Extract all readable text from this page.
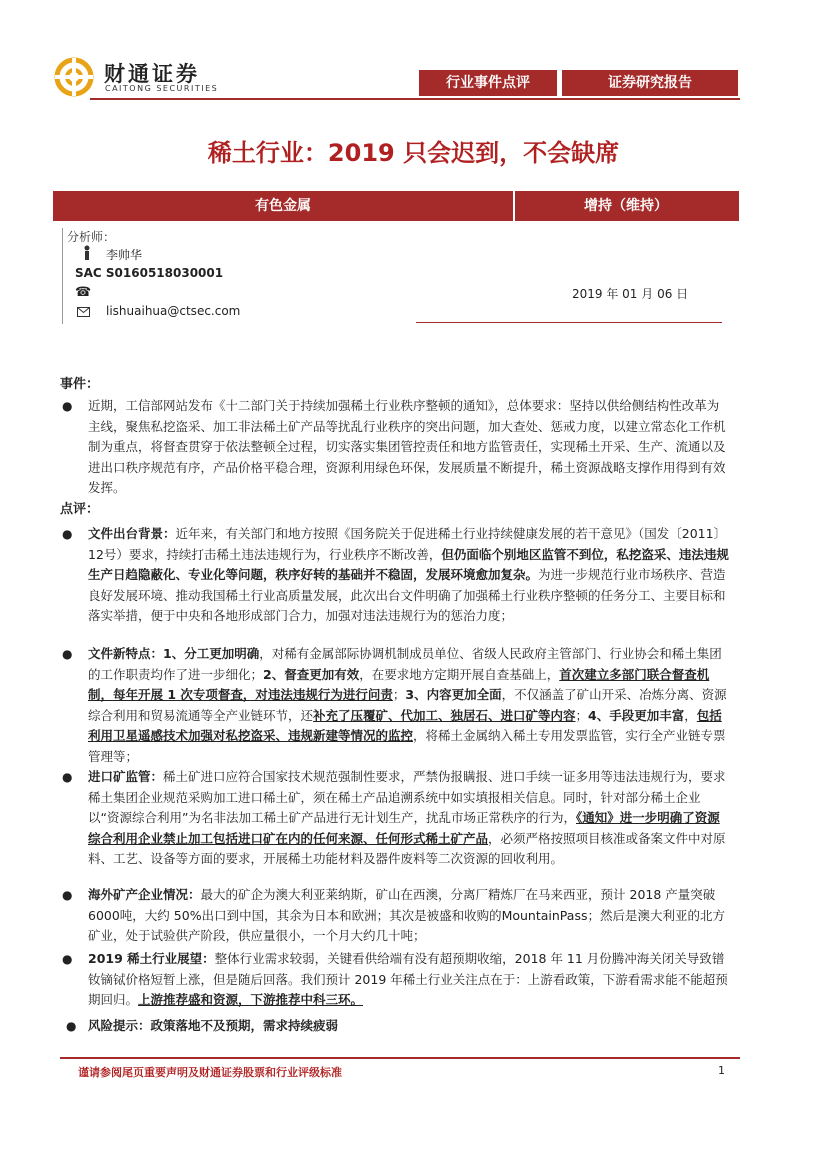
财通证券
CAITONG SECURITIES	行业事件点评	证券研究报告
稀土行业：2019 只会迟到，不会缺席
有色金属	增持（维持）
分析师：
李帅华
SAC S0160518030001
☎
lishuaihua@ctsec.com
2019 年 01 月 06 日
事件：
● 近期，工信部网站发布《十二部门关于持续加强稀土行业秩序整顿的通知》，总体要求：坚持以供给侧结构性改革为主线，聚焦私挖盗采、加工非法稀土矿产品等扰乱行业秩序的突出问题，加大查处、惩戒力度，以建立常态化工作机制为重点，将督查贯穿于依法整顿全过程，切实落实集团管控责任和地方监管责任，实现稀土开采、生产、流通以及进出口秩序规范有序，产品价格平稳合理，资源利用绿色环保，发展质量不断提升，稀土资源战略支撑作用得到有效发挥。
点评：
● 文件出台背景：近年来，有关部门和地方按照《国务院关于促进稀土行业持续健康发展的若干意见》（国发〔2011〕12号）要求，持续打击稀土违法违规行为，行业秩序不断改善，但仍面临个别地区监管不到位，私挖盗采、违法违规生产日趋隐蔽化、专业化等问题，秩序好转的基础并不稳固，发展环境愈加复杂。为进一步规范行业市场秩序、营造良好发展环境、推动我国稀土行业高质量发展，此次出台文件明确了加强稀土行业秩序整顿的任务分工、主要目标和落实举措，便于中央和各地形成部门合力，加强对违法违规行为的惩治力度；

● 文件新特点：1、分工更加明确，对稀有金属部际协调机制成员单位、省级人民政府主管部门、行业协会和稀土集团的工作职责均作了进一步细化；2、督查更加有效，在要求地方定期开展自查基础上，首次建立多部门联合督查机制，每年开展 1 次专项督查，对违法违规行为进行问责；3、内容更加全面，不仅涵盖了矿山开采、冶炼分离、资源综合利用和贸易流通等全产业链环节，还补充了压覆矿、代加工、独居石、进口矿等内容；4、手段更加丰富，包括利用卫星遥感技术加强对私挖盗采、违规新建等情况的监控，将稀土金属纳入稀土专用发票监管，实行全产业链专票管理等；

● 进口矿监管：稀土矿进口应符合国家技术规范强制性要求，严禁伪报瞒报、进口手续一证多用等违法违规行为，要求稀土集团企业规范采购加工进口稀土矿，须在稀土产品追溯系统中如实填报相关信息。同时，针对部分稀土企业以“资源综合利用”为名非法加工稀土矿产品进行无计划生产，扰乱市场正常秩序的行为，《通知》进一步明确了资源综合利用企业禁止加工包括进口矿在内的任何来源、任何形式稀土矿产品，必须严格按照项目核准或备案文件中对原料、工艺、设备等方面的要求，开展稀土功能材料及器件废料等二次资源的回收利用。

● 海外矿产企业情况：最大的矿企为澳大利亚莱纳斯，矿山在西澳，分离厂精炼厂在马来西亚，预计 2018 产量突破 6000吨，大约 50%出口到中国，其余为日本和欧洲；其次是被盛和收购的MountainPass；然后是澳大利亚的北方矿业，处于试验供产阶段，供应量很小，一个月大约几十吨；

● 2019 稀土行业展望：整体行业需求较弱，关键看供给端有没有超预期收缩，2018 年 11 月份腾冲海关闭关导致镨钕镝铽价格短暂上涨，但是随后回落。我们预计 2019 年稀土行业关注点在于：上游看政策，下游看需求能不能超预期回归。上游推荐盛和资源，下游推荐中科三环。

● 风险提示：政策落地不及预期，需求持续疲弱
谨请参阅尾页重要声明及财通证券股票和行业评级标准	1
